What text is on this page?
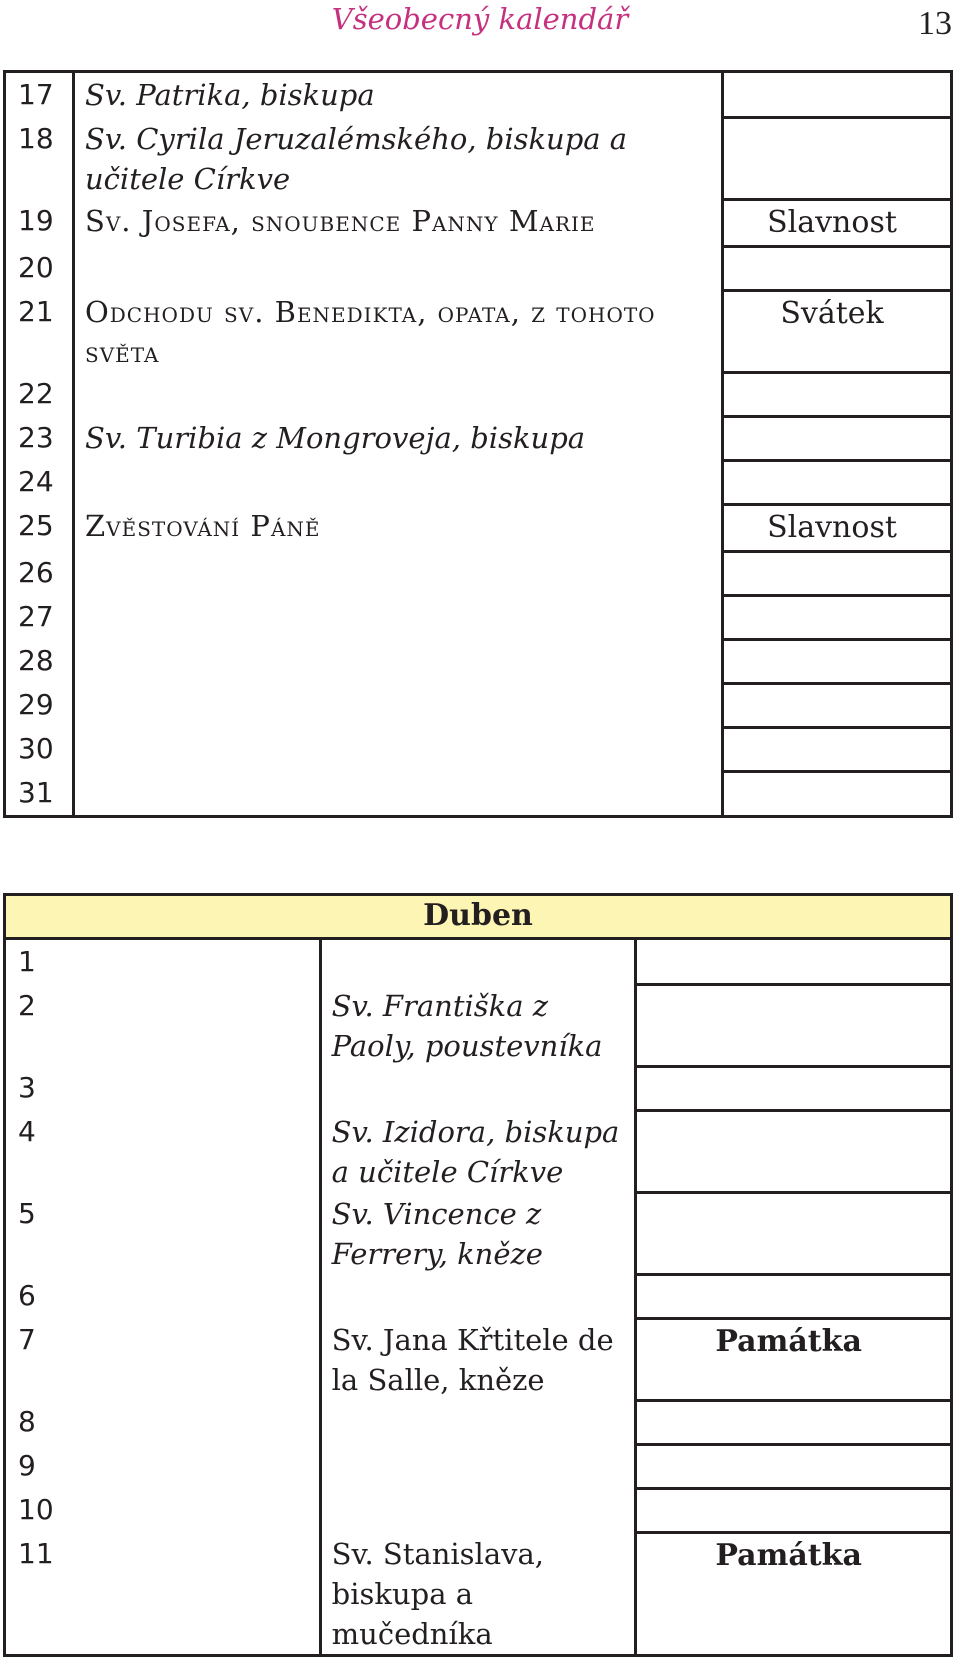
Všeobecný kalendář	13
17	Sv. Patrika, biskupa	
18	Sv. Cyrila Jeruzalémského, biskupa a učitele Církve	
19	Sv. Josefa, snoubence Panny Marie	Slavnost
20		
21	Odchodu sv. Benedikta, opata, z tohoto světa	Svátek
22		
23	Sv. Turibia z Mongroveja, biskupa	
24		
25	Zvěstování Páně	Slavnost
26		
27		
28		
29		
30		
31		
Duben		
1		
2	Sv. Františka z Paoly, poustevníka	
3		
4	Sv. Izidora, biskupa a učitele Církve	
5	Sv. Vincence z Ferrery, kněze	
6		
7	Sv. Jana Křtitele de la Salle, kněze	Památka
8		
9		
10		
11	Sv. Stanislava, biskupa a mučedníka	Památka
